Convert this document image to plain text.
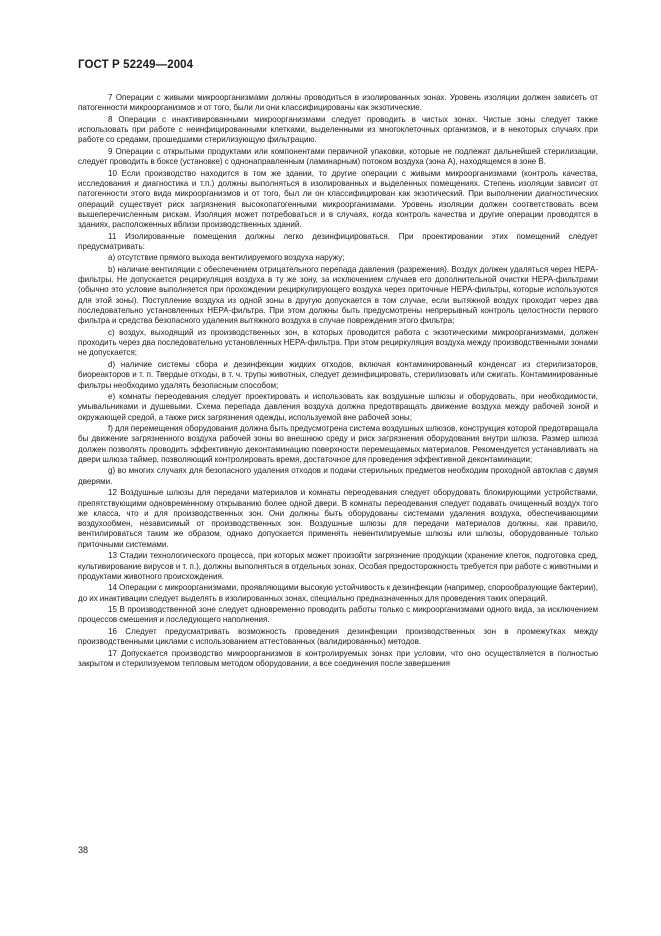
ГОСТ Р 52249—2004

7 Операции с живыми микроорганизмами должны проводиться в изолированных зонах. Уровень изоляции должен зависеть от патогенности микроорганизмов и от того, были ли они классифицированы как экзотические.

8 Операции с инактивированными микроорганизмами следует проводить в чистых зонах. Чистые зоны следует также использовать при работе с неинфицированными клетками, выделенными из многоклеточных организмов, и в некоторых случаях при работе со средами, прошедшими стерилизующую фильтрацию.

9 Операции с открытыми продуктами или компонентами первичной упаковки, которые не подлежат дальнейшей стерилизации, следует проводить в боксе (установке) с однонаправленным (ламинарным) потоком воздуха (зона А), находящемся в зоне В.

10 Если производство находится в том же здании, то другие операции с живыми микроорганизмами (контроль качества, исследования и диагностика и т.п.) должны выполняться в изолированных и выделенных помещениях. Степень изоляции зависит от патогенности этого вида микроорганизмов и от того, был ли он классифицирован как экзотический. При выполнении диагностических операций существует риск загрязнения высокопатогенными микроорганизмами. Уровень изоляции должен соответствовать всем вышеперечисленным рискам. Изоляция может потребоваться и в случаях, когда контроль качества и другие операции проводятся в зданиях, расположенных вблизи производственных зданий.

11 Изолированные помещения должны легко дезинфицироваться. При проектировании этих помещений следует предусматривать:

а) отсутствие прямого выхода вентилируемого воздуха наружу;

b) наличие вентиляции с обеспечением отрицательного перепада давления (разрежения). Воздух должен удаляться через НЕРА-фильтры. Не допускается рециркуляция воздуха в ту же зону, за исключением случаев его дополнительной очистки НЕРА-фильтрами (обычно это условие выполняется при прохождении рециркулирующего воздуха через приточные НЕРА-фильтры, которые используются для этой зоны). Поступление воздуха из одной зоны в другую допускается в том случае, если вытяжной воздух проходит через два последовательно установленных НЕРА-фильтра. При этом должны быть предусмотрены непрерывный контроль целостности первого фильтра и средства безопасного удаления вытяжного воздуха в случае повреждения этого фильтра;

c) воздух, выходящий из производственных зон, в которых проводится работа с экзотическими микроорганизмами, должен проходить через два последовательно установленных НЕРА-фильтра. При этом рециркуляция воздуха между производственными зонами не допускается;

d) наличие системы сбора и дезинфекции жидких отходов, включая контаминированный конденсат из стерилизаторов, биореакторов и т. п. Твердые отходы, в т. ч. трупы животных, следует дезинфицировать, стерилизовать или сжигать. Контаминированные фильтры необходимо удалять безопасным способом;

e) комнаты переодевания следует проектировать и использовать как воздушные шлюзы и оборудовать, при необходимости, умывальниками и душевыми. Схема перепада давления воздуха должна предотвращать движение воздуха между рабочей зоной и окружающей средой, а также риск загрязнения одежды, используемой вне рабочей зоны;

f) для перемещения оборудования должна быть предусмотрена система воздушных шлюзов, конструкция которой предотвращала бы движение загрязненного воздуха рабочей зоны во внешнюю среду и риск загрязнения оборудования внутри шлюза. Размер шлюза должен позволять проводить эффективную деконтаминацию поверхности перемещаемых материалов. Рекомендуется устанавливать на двери шлюза таймер, позволяющий контролировать время, достаточное для проведения эффективной деконтаминации;

g) во многих случаях для безопасного удаления отходов и подачи стерильных предметов необходим проходной автоклав с двумя дверями.

12 Воздушные шлюзы для передачи материалов и комнаты переодевания следует оборудовать блокирующими устройствами, препятствующими одновременному открыванию более одной двери. В комнаты переодевания следует подавать очищенный воздух того же класса, что и для производственных зон. Они должны быть оборудованы системами удаления воздуха, обеспечивающими воздухообмен, независимый от производственных зон. Воздушные шлюзы для передачи материалов должны, как правило, вентилироваться таким же образом, однако допускается применять невентилируемые шлюзы или шлюзы, оборудованные только приточными системами.

13 Стадии технологического процесса, при которых может произойти загрязнение продукции (хранение клеток, подготовка сред, культивирование вирусов и т. п.), должны выполняться в отдельных зонах. Особая предосторожность требуется при работе с животными и продуктами животного происхождения.

14 Операции с микроорганизмами, проявляющими высокую устойчивость к дезинфекции (например, спорообразующие бактерии), до их инактивации следует выделять в изолированных зонах, специально предназначенных для проведения таких операций.

15 В производственной зоне следует одновременно проводить работы только с микроорганизмами одного вида, за исключением процессов смешения и последующего наполнения.

16 Следует предусматривать возможность проведения дезинфекции производственных зон в промежутках между производственными циклами с использованием аттестованных (валидированных) методов.

17 Допускается производство микроорганизмов в контролируемых зонах при условии, что оно осуществляется в полностью закрытом и стерилизуемом тепловым методом оборудовании, а все соединения после завершения

38
